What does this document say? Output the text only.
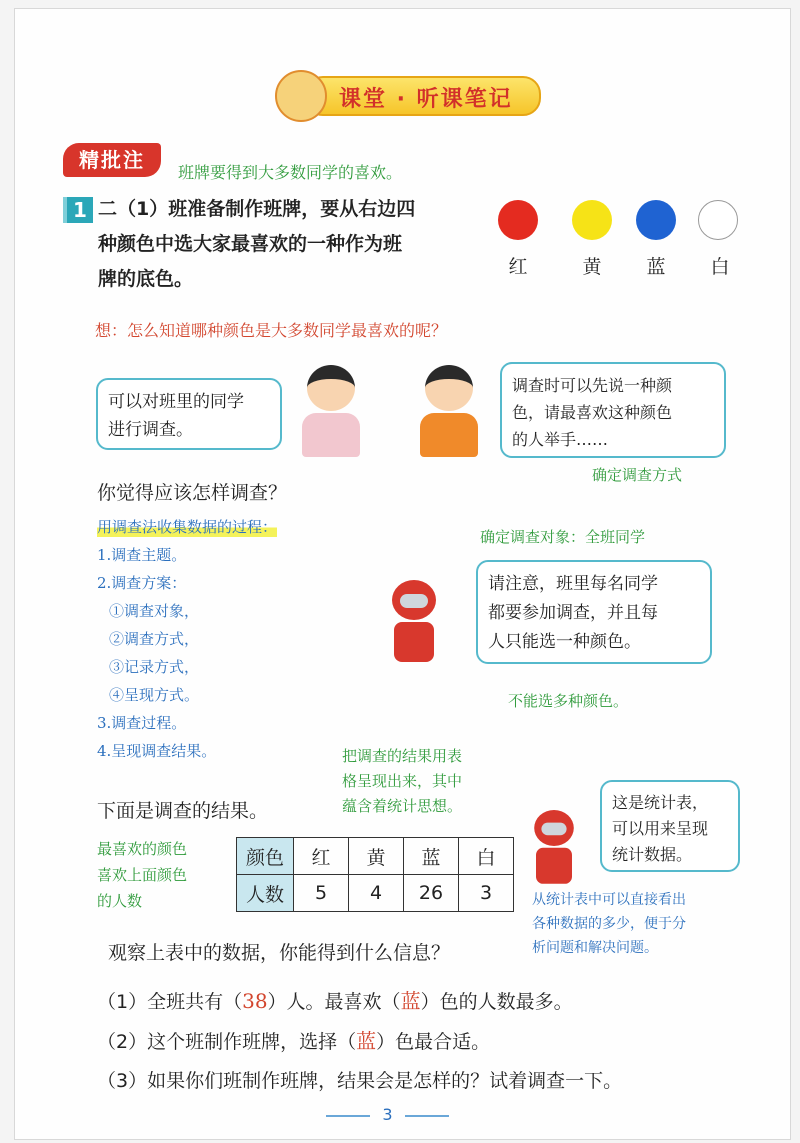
课堂 · 听课笔记
精批注
班牌要得到大多数同学的喜欢。
1 二（1）班准备制作班牌，要从右边四
种颜色中选大家最喜欢的一种作为班
牌的底色。
红	黄	蓝	白
想：怎么知道哪种颜色是大多数同学最喜欢的呢？
可以对班里的同学
进行调查。
调查时可以先说一种颜
色，请最喜欢这种颜色
的人举手……
确定调查方式
你觉得应该怎样调查？
用调查法收集数据的过程：
1.调查主题。
2.调查方案：
①调查对象，
②调查方式，
③记录方式，
④呈现方式。
3.调查过程。
4.呈现调查结果。
确定调查对象：全班同学
请注意，班里每名同学
都要参加调查，并且每
人只能选一种颜色。
不能选多种颜色。
把调查的结果用表
格呈现出来，其中
蕴含着统计思想。
下面是调查的结果。
最喜欢的颜色
喜欢上面颜色
的人数
颜色	红	黄	蓝	白
人数	5	4	26	3
这是统计表，
可以用来呈现
统计数据。
从统计表中可以直接看出
各种数据的多少，便于分
析问题和解决问题。
观察上表中的数据，你能得到什么信息？
（1）全班共有（38）人。最喜欢（蓝）色的人数最多。
（2）这个班制作班牌，选择（蓝）色最合适。
（3）如果你们班制作班牌，结果会是怎样的？试着调查一下。
3
